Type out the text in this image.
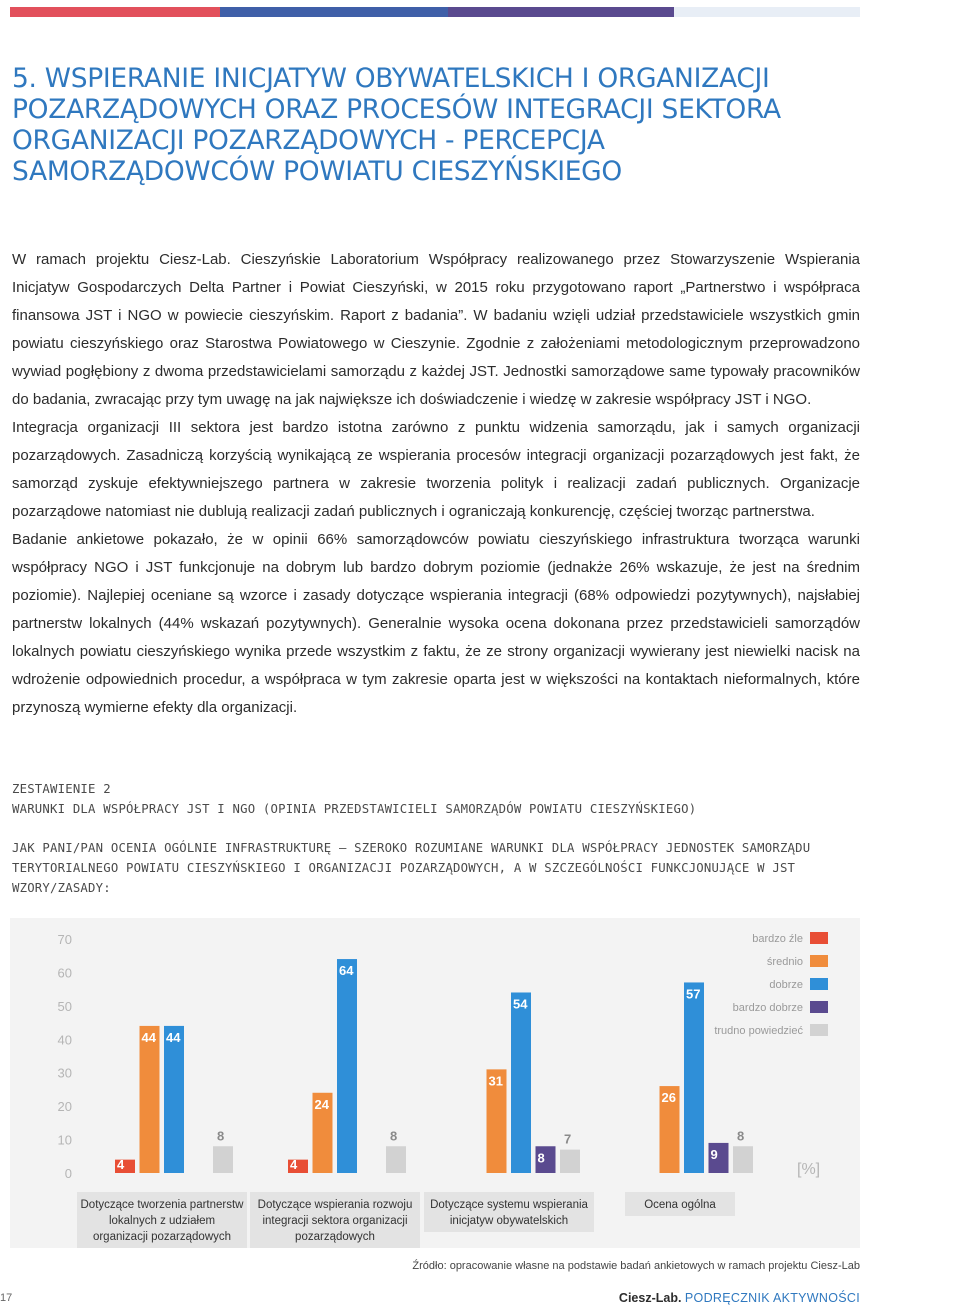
5. WSPIERANIE INICJATYW OBYWATELSKICH I ORGANIZACJI POZARZĄDOWYCH ORAZ PROCESÓW INTEGRACJI SEKTORA ORGANIZACJI POZARZĄDOWYCH - PERCEPCJA SAMORZĄDOWCÓW POWIATU CIESZYŃSKIEGO

W ramach projektu Ciesz-Lab. Cieszyńskie Laboratorium Współpracy realizowanego przez Stowarzyszenie Wspierania Inicjatyw Gospodarczych Delta Partner i Powiat Cieszyński, w 2015 roku przygotowano raport „Partnerstwo i współpraca finansowa JST i NGO w powiecie cieszyńskim. Raport z badania”. W badaniu wzięli udział przedstawiciele wszystkich gmin powiatu cieszyńskiego oraz Starostwa Powiatowego w Cieszynie. Zgodnie z założeniami metodologicznym przeprowadzono wywiad pogłębiony z dwoma przedstawicielami samorządu z każdej JST. Jednostki samorządowe same typowały pracowników do badania, zwracając przy tym uwagę na jak największe ich doświadczenie i wiedzę w zakresie współpracy JST i NGO.

Integracja organizacji III sektora jest bardzo istotna zarówno z punktu widzenia samorządu, jak i samych organizacji pozarządowych. Zasadniczą korzyścią wynikającą ze wspierania procesów integracji organizacji pozarządowych jest fakt, że samorząd zyskuje efektywniejszego partnera w zakresie tworzenia polityk i realizacji zadań publicznych. Organizacje pozarządowe natomiast nie dublują realizacji zadań publicznych i ograniczają konkurencję, częściej tworząc partnerstwa.

Badanie ankietowe pokazało, że w opinii 66% samorządowców powiatu cieszyńskiego infrastruktura tworząca warunki współpracy NGO i JST funkcjonuje na dobrym lub bardzo dobrym poziomie (jednakże 26% wskazuje, że jest na średnim poziomie). Najlepiej oceniane są wzorce i zasady dotyczące wspierania integracji (68% odpowiedzi pozytywnych), najsłabiej partnerstw lokalnych (44% wskazań pozytywnych). Generalnie wysoka ocena dokonana przez przedstawicieli samorządów lokalnych powiatu cieszyńskiego wynika przede wszystkim z faktu, że ze strony organizacji wywierany jest niewielki nacisk na wdrożenie odpowiednich procedur, a współpraca w tym zakresie oparta jest w większości na kontaktach nieformalnych, które przynoszą wymierne efekty dla organizacji.

ZESTAWIENIE 2
WARUNKI DLA WSPÓŁPRACY JST I NGO (OPINIA PRZEDSTAWICIELI SAMORZĄDÓW POWIATU CIESZYŃSKIEGO)
JAK PANI/PAN OCENIA OGÓLNIE INFRASTRUKTURĘ — SZEROKO ROZUMIANE WARUNKI DLA WSPÓŁPRACY JEDNOSTEK SAMORZĄDU TERYTORIALNEGO POWIATU CIESZYŃSKIEGO I ORGANIZACJI POZARZĄDOWYCH, A W SZCZEGÓLNOŚCI FUNKCJONUJĄCE W JST WZORY/ZASADY:
0
10
20
30
40
50
60
70
4
44 44
8
Dotyczące tworzenia partnerstw
lokalnych z udziałem
organizacji pozarządowych
4
24
64
8
Dotyczące wspierania rozwoju
integracji sektora organizacji
pozarządowych
31
54
8
7
Dotyczące systemu wspierania
inicjatyw obywatelskich
26
57
9
8
Ocena ogólna
bardzo źle
średnio
dobrze
bardzo dobrze
trudno powiedzieć
[%]
Źródło: opracowanie własne na podstawie badań ankietowych w ramach projektu Ciesz-Lab
17	Ciesz-Lab. PODRĘCZNIK AKTYWNOŚCI
